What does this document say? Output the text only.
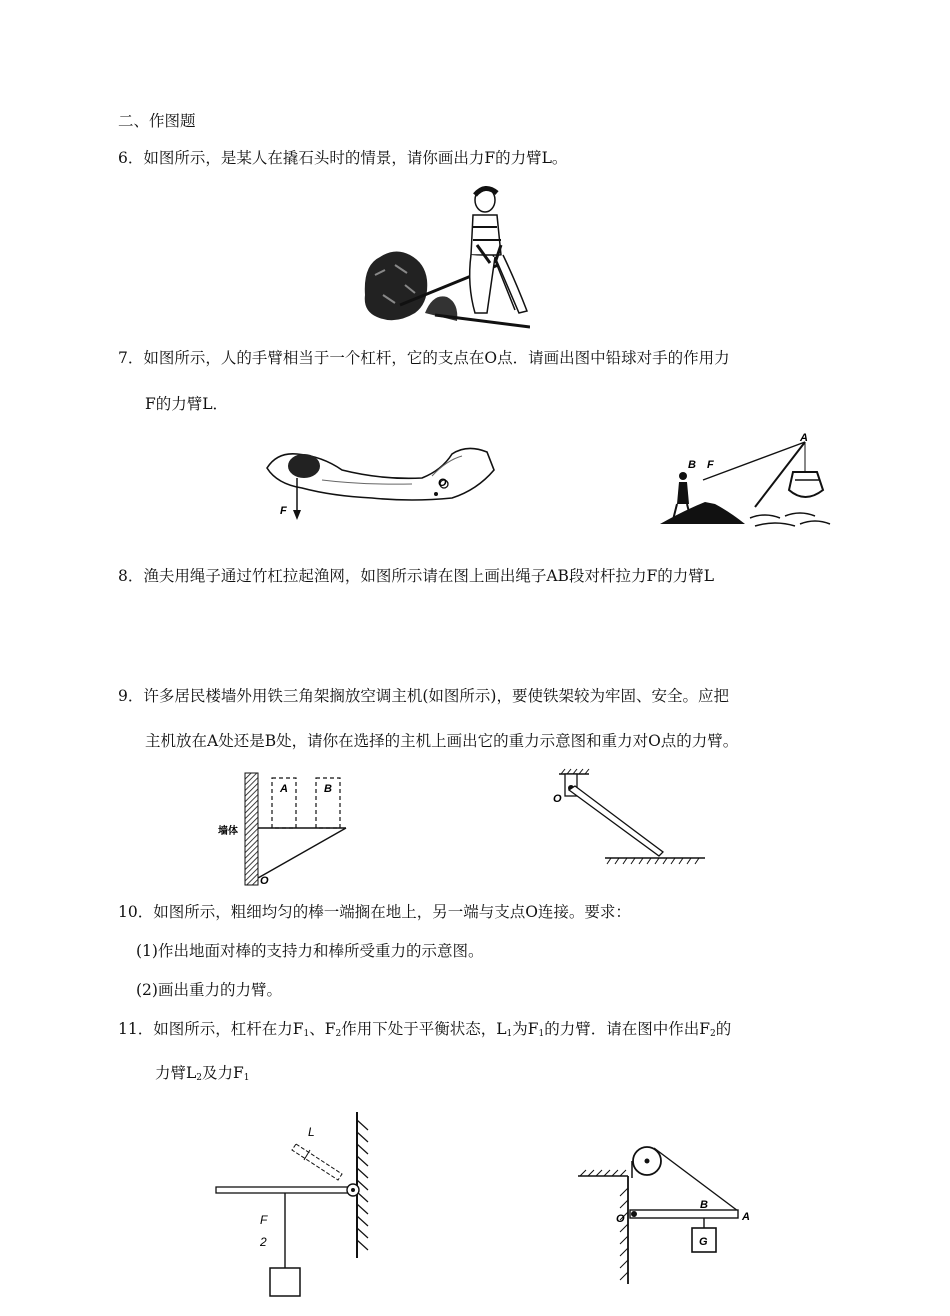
二、作图题
6．如图所示，是某人在撬石头时的情景，请你画出力F的力臂L。
7．如图所示，人的手臂相当于一个杠杆，它的支点在O点．请画出图中铅球对手的作用力
F的力臂L．
F
O
A
B F
8．渔夫用绳子通过竹杠拉起渔网，如图所示请在图上画出绳子AB段对杆拉力F的力臂L
9．许多居民楼墙外用铁三角架搁放空调主机(如图所示)，要使铁架较为牢固、安全。应把
主机放在A处还是B处，请你在选择的主机上画出它的重力示意图和重力对O点的力臂。
A	B
墙体
O
O
10．如图所示，粗细均匀的棒一端搁在地上，另一端与支点O连接。要求：
(1)作出地面对棒的支持力和棒所受重力的示意图。
(2)画出重力的力臂。
11．如图所示，杠杆在力$F_1$、$F_2$作用下处于平衡状态，$L_1$为$F_1$的力臂．请在图中作出$F_2$的
力臂$L_2$及力$F_1$
L
F
2
O	A
B
G
